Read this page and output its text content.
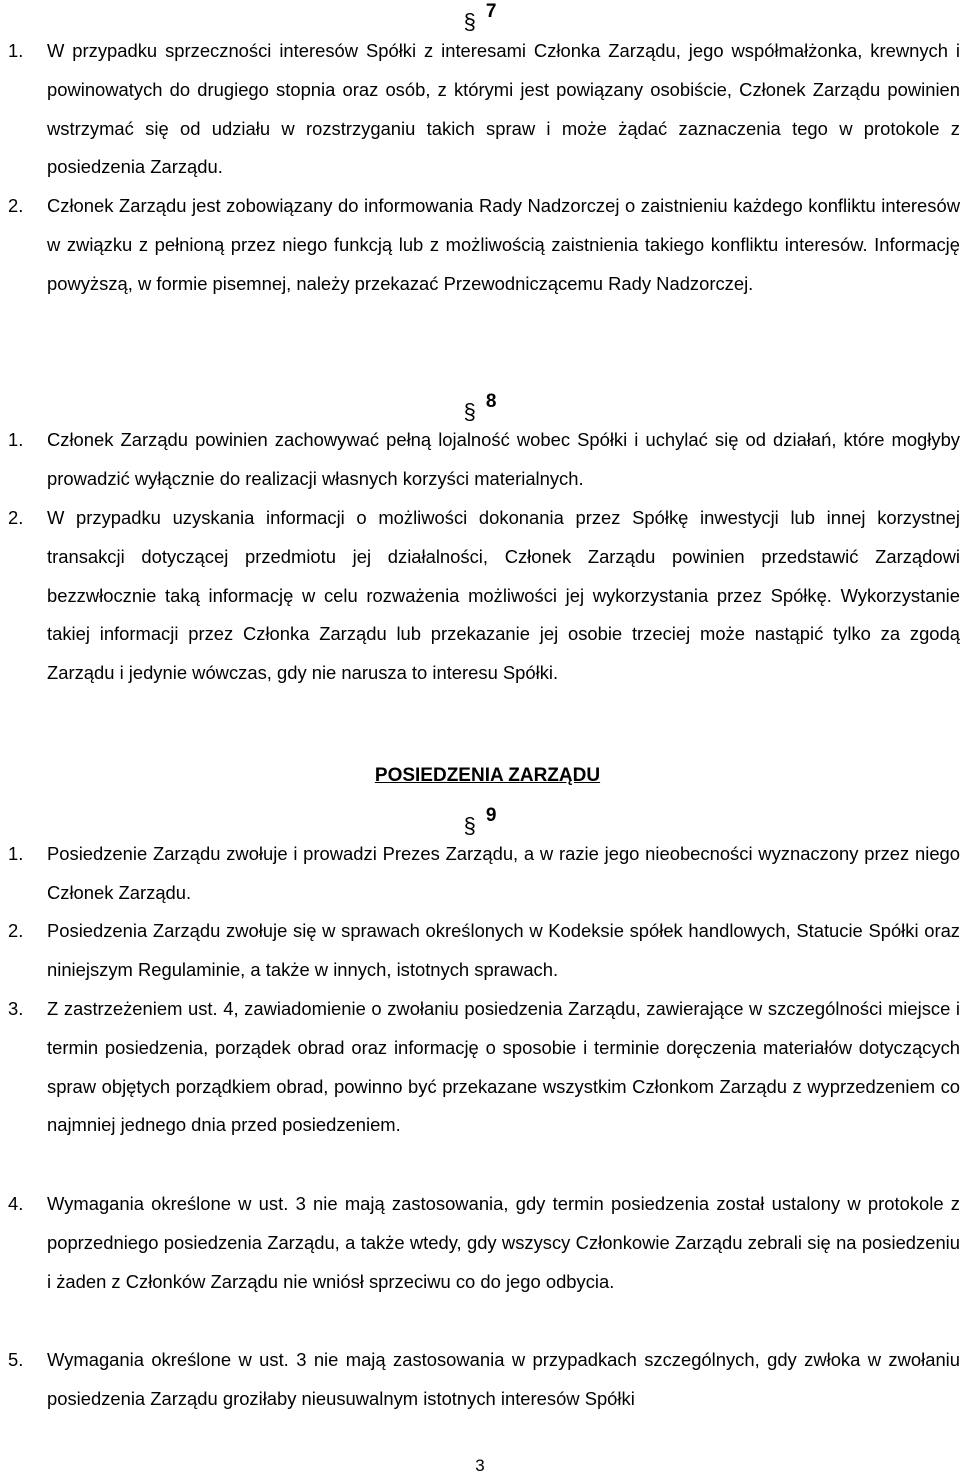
§ 7
1. W przypadku sprzeczności interesów Spółki z interesami Członka Zarządu, jego współmałżonka, krewnych i powinowatych do drugiego stopnia oraz osób, z którymi jest powiązany osobiście, Członek Zarządu powinien wstrzymać się od udziału w rozstrzyganiu takich spraw i może żądać zaznaczenia tego w protokole z posiedzenia Zarządu.
2. Członek Zarządu jest zobowiązany do informowania Rady Nadzorczej o zaistnieniu każdego konfliktu interesów w związku z pełnioną przez niego funkcją lub z możliwością zaistnienia takiego konfliktu interesów. Informację powyższą, w formie pisemnej, należy przekazać Przewodniczącemu Rady Nadzorczej.
§ 8
1. Członek Zarządu powinien zachowywać pełną lojalność wobec Spółki i uchylać się od działań, które mogłyby prowadzić wyłącznie do realizacji własnych korzyści materialnych.
2. W przypadku uzyskania informacji o możliwości dokonania przez Spółkę inwestycji lub innej korzystnej transakcji dotyczącej przedmiotu jej działalności, Członek Zarządu powinien przedstawić Zarządowi bezzwłocznie taką informację w celu rozważenia możliwości jej wykorzystania przez Spółkę. Wykorzystanie takiej informacji przez Członka Zarządu lub przekazanie jej osobie trzeciej może nastąpić tylko za zgodą Zarządu i jedynie wówczas, gdy nie narusza to interesu Spółki.
POSIEDZENIA ZARZĄDU
§ 9
1. Posiedzenie Zarządu zwołuje i prowadzi Prezes Zarządu, a w razie jego nieobecności wyznaczony przez niego Członek Zarządu.
2. Posiedzenia Zarządu zwołuje się w sprawach określonych w Kodeksie spółek handlowych, Statucie Spółki oraz niniejszym Regulaminie, a także w innych, istotnych sprawach.
3. Z zastrzeżeniem ust. 4, zawiadomienie o zwołaniu posiedzenia Zarządu, zawierające w szczególności miejsce i termin posiedzenia, porządek obrad oraz informację o sposobie i terminie doręczenia materiałów dotyczących spraw objętych porządkiem obrad, powinno być przekazane wszystkim Członkom Zarządu z wyprzedzeniem co najmniej jednego dnia przed posiedzeniem.
4. Wymagania określone w ust. 3 nie mają zastosowania, gdy termin posiedzenia został ustalony w protokole z poprzedniego posiedzenia Zarządu, a także wtedy, gdy wszyscy Członkowie Zarządu zebrali się na posiedzeniu i żaden z Członków Zarządu nie wniósł sprzeciwu co do jego odbycia.
5. Wymagania określone w ust. 3 nie mają zastosowania w przypadkach szczególnych, gdy zwłoka w zwołaniu posiedzenia Zarządu groziłaby nieusuwalnym istotnych interesów Spółki
3
